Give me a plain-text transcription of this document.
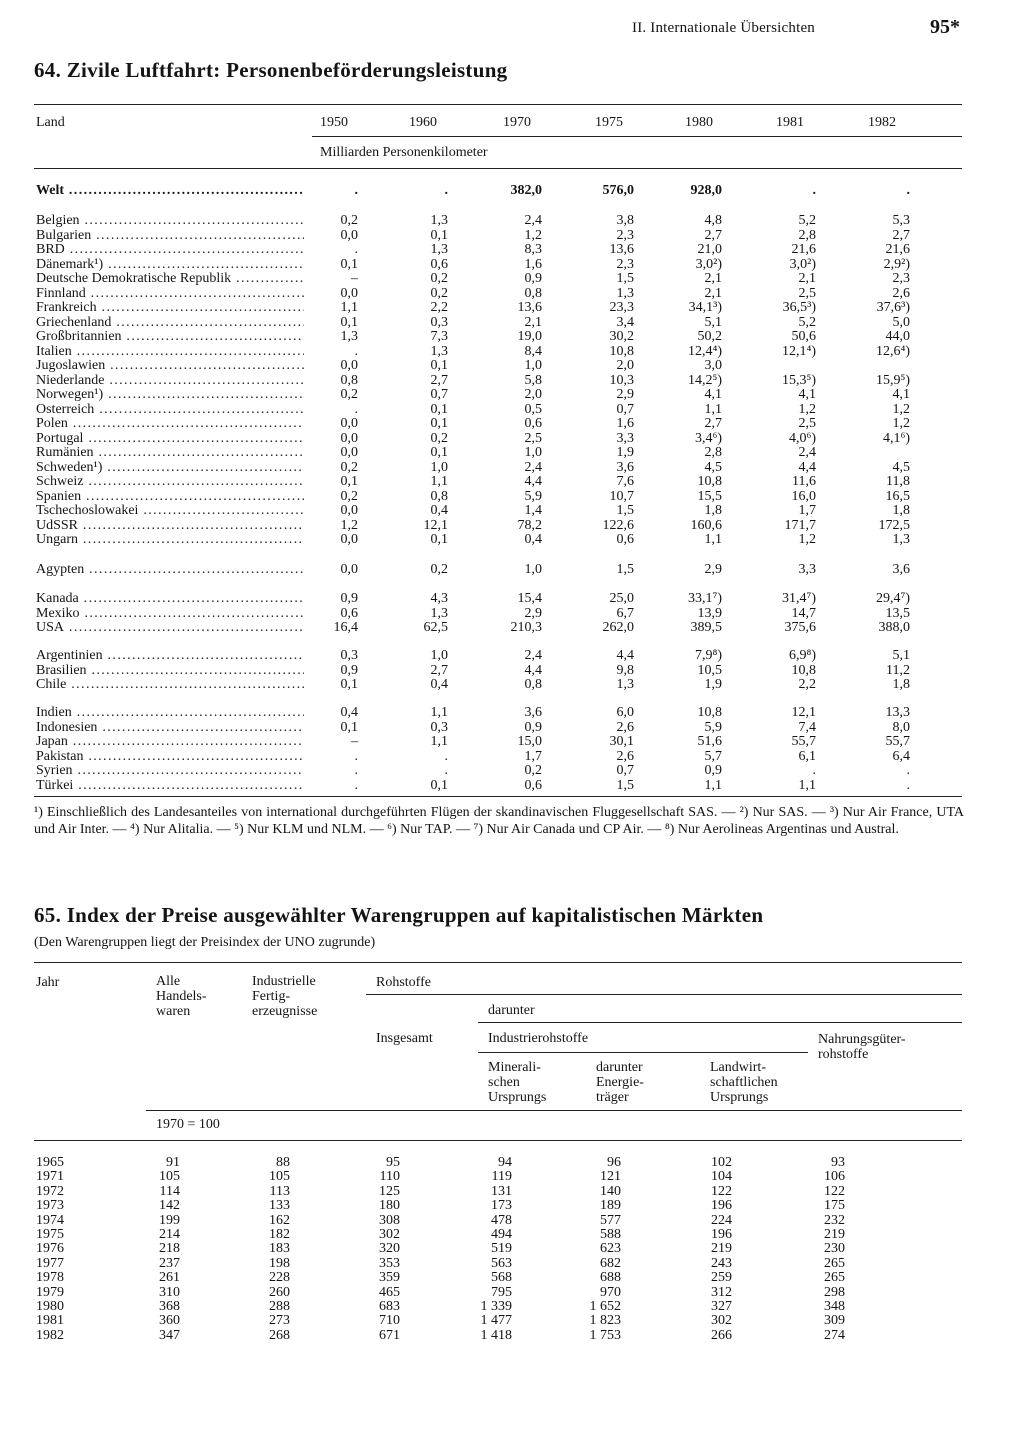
II. Internationale Übersichten	95*
64. Zivile Luftfahrt: Personenbeförderungsleistung
Land	1950	1960	1970	1975	1980	1981	1982
Milliarden Personenkilometer
Welt .....	.	.	382,0	576,0	928,0	.	.
Belgien .....	0,2	1,3	2,4	3,8	4,8	5,2	5,3
Bulgarien .....	0,0	0,1	1,2	2,3	2,7	2,8	2,7
BRD .....	.	1,3	8,3	13,6	21,0	21,6	21,6
Dänemark¹) .....	0,1	0,6	1,6	2,3	3,0²)	3,0²)	2,9²)
Deutsche Demokratische Republik .....	–	0,2	0,9	1,5	2,1	2,1	2,3
Finnland .....	0,0	0,2	0,8	1,3	2,1	2,5	2,6
Frankreich .....	1,1	2,2	13,6	23,3	34,1³)	36,5³)	37,6³)
Griechenland .....	0,1	0,3	2,1	3,4	5,1	5,2	5,0
Großbritannien .....	1,3	7,3	19,0	30,2	50,2	50,6	44,0
Italien .....	.	1,3	8,4	10,8	12,4⁴)	12,1⁴)	12,6⁴)
Jugoslawien .....	0,0	0,1	1,0	2,0	3,0
Niederlande .....	0,8	2,7	5,8	10,3	14,2⁵)	15,3⁵)	15,9⁵)
Norwegen¹) .....	0,2	0,7	2,0	2,9	4,1	4,1	4,1
Österreich .....	.	0,1	0,5	0,7	1,1	1,2	1,2
Polen .....	0,0	0,1	0,6	1,6	2,7	2,5	1,2
Portugal .....	0,0	0,2	2,5	3,3	3,4⁶)	4,0⁶)	4,1⁶)
Rumänien .....	0,0	0,1	1,0	1,9	2,8	2,4
Schweden¹) .....	0,2	1,0	2,4	3,6	4,5	4,4	4,5
Schweiz .....	0,1	1,1	4,4	7,6	10,8	11,6	11,8
Spanien .....	0,2	0,8	5,9	10,7	15,5	16,0	16,5
Tschechoslowakei .....	0,0	0,4	1,4	1,5	1,8	1,7	1,8
UdSSR .....	1,2	12,1	78,2	122,6	160,6	171,7	172,5
Ungarn .....	0,0	0,1	0,4	0,6	1,1	1,2	1,3
Ägypten .....	0,0	0,2	1,0	1,5	2,9	3,3	3,6
Kanada .....	0,9	4,3	15,4	25,0	33,1⁷)	31,4⁷)	29,4⁷)
Mexiko .....	0,6	1,3	2,9	6,7	13,9	14,7	13,5
USA .....	16,4	62,5	210,3	262,0	389,5	375,6	388,0
Argentinien .....	0,3	1,0	2,4	4,4	7,9⁸)	6,9⁸)	5,1
Brasilien .....	0,9	2,7	4,4	9,8	10,5	10,8	11,2
Chile .....	0,1	0,4	0,8	1,3	1,9	2,2	1,8
Indien .....	0,4	1,1	3,6	6,0	10,8	12,1	13,3
Indonesien .....	0,1	0,3	0,9	2,6	5,9	7,4	8,0
Japan .....	–	1,1	15,0	30,1	51,6	55,7	55,7
Pakistan .....	.	.	1,7	2,6	5,7	6,1	6,4
Syrien .....	.	.	0,2	0,7	0,9	.	.
Türkei .....	.	0,1	0,6	1,5	1,1	1,1	.
¹) Einschließlich des Landesanteiles von international durchgeführten Flügen der skandinavischen Fluggesellschaft SAS. — ²) Nur SAS. — ³) Nur Air France, UTA und Air Inter. — ⁴) Nur Alitalia. — ⁵) Nur KLM und NLM. — ⁶) Nur TAP. — ⁷) Nur Air Canada und CP Air. — ⁸) Nur Aerolineas Argentinas und Austral.
65. Index der Preise ausgewählter Warengruppen auf kapitalistischen Märkten
(Den Warengruppen liegt der Preisindex der UNO zugrunde)
Jahr	Alle
Handels-
waren
Industrielle
Fertig-
erzeugnisse
Rohstoffe
darunter
Insgesamt	Industrierohstoffe	Nahrungsgüter-
rohstoffe
Minerali-
schen
Ursprungs
darunter
Energie-
träger
Landwirt-
schaftlichen
Ursprungs
1970 = 100
1965	91	88	95	94	96	102	93
1971	105	105	110	119	121	104	106
1972	114	113	125	131	140	122	122
1973	142	133	180	173	189	196	175
1974	199	162	308	478	577	224	232
1975	214	182	302	494	588	196	219
1976	218	183	320	519	623	219	230
1977	237	198	353	563	682	243	265
1978	261	228	359	568	688	259	265
1979	310	260	465	795	970	312	298
1980	368	288	683	1 339	1 652	327	348
1981	360	273	710	1 477	1 823	302	309
1982	347	268	671	1 418	1 753	266	274
